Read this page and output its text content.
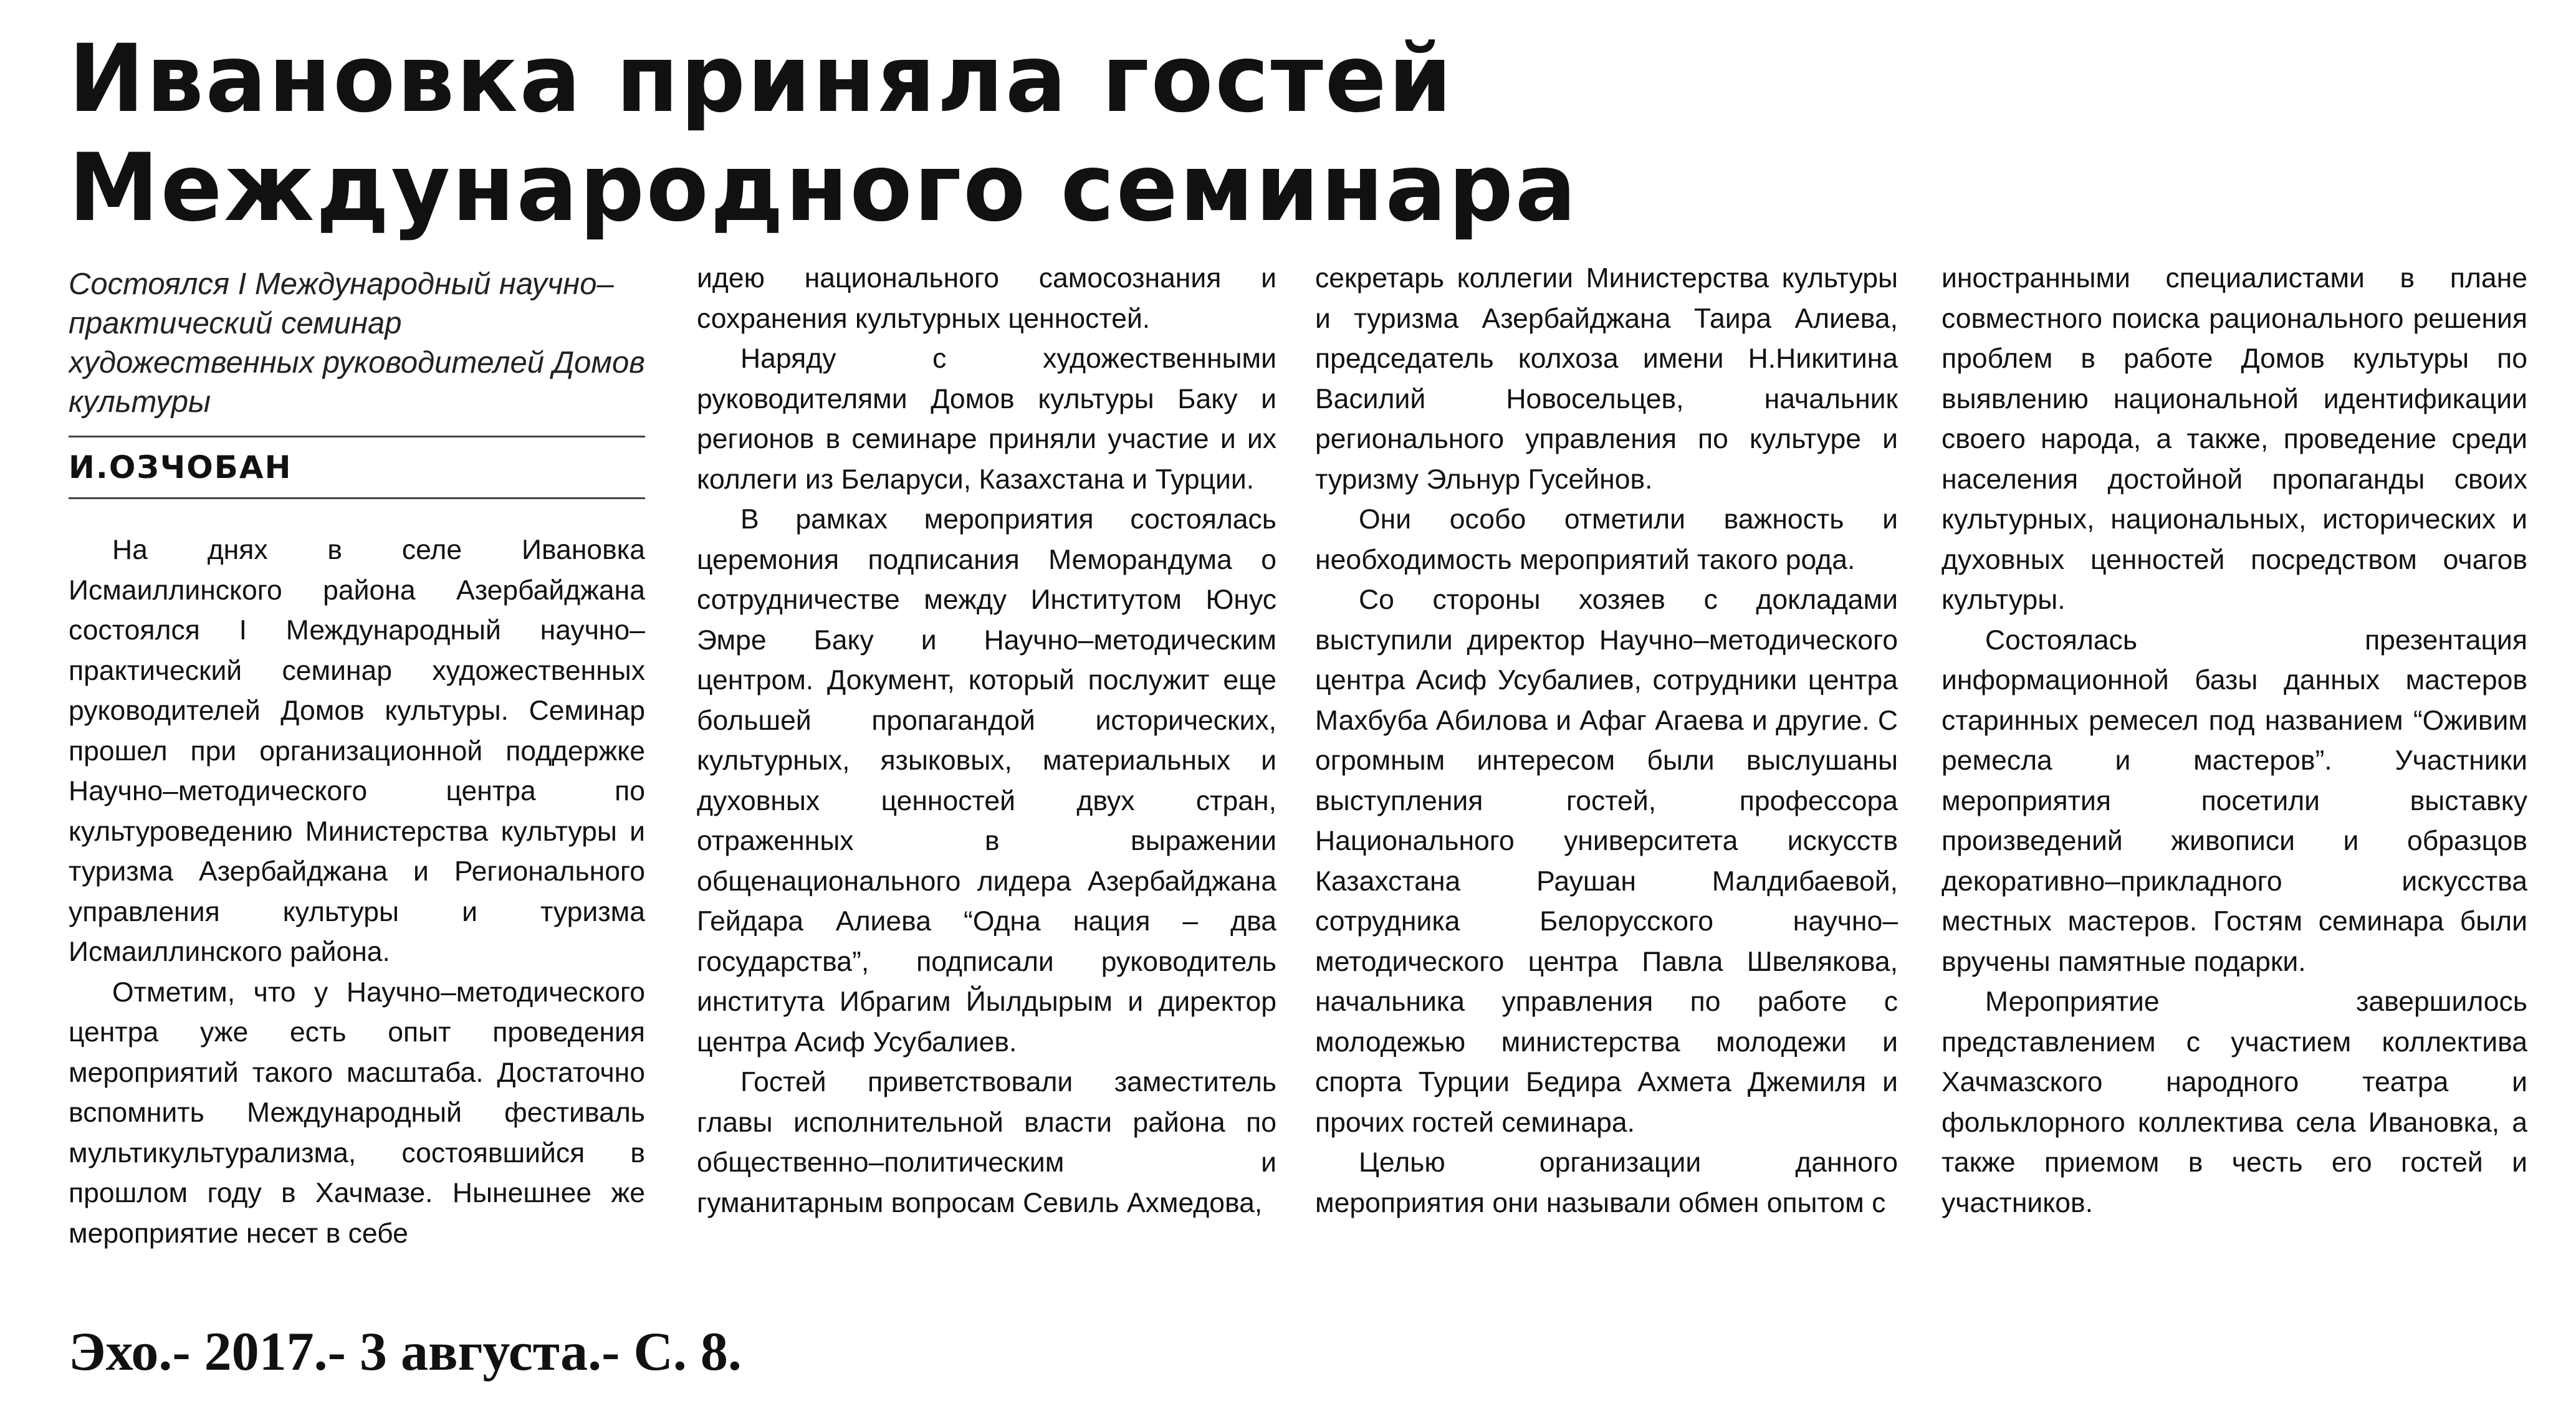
Ивановка приняла гостей
Международного семинара
Состоялся I Международный научно–практический семинар художественных руководителей Домов культуры
И.ОЗЧОБАН

На днях в селе Ивановка Исмаиллинского района Азербайджана состоялся I Международный научно–практический семинар художественных руководителей Домов культуры. Семинар прошел при организационной поддержке Научно–методического центра по культуроведению Министерства культуры и туризма Азербайджана и Регионального управления культуры и туризма Исмаиллинского района.

Отметим, что у Научно–методического центра уже есть опыт проведения мероприятий такого масштаба. Достаточно вспомнить Международный фестиваль мультикультурализма, состоявшийся в прошлом году в Хачмазе. Нынешнее же мероприятие несет в себе

идею национального самосознания и сохранения культурных ценностей.

Наряду с художественными руководителями Домов культуры Баку и регионов в семинаре приняли участие и их коллеги из Беларуси, Казахстана и Турции.

В рамках мероприятия состоялась церемония подписания Меморандума о сотрудничестве между Институтом Юнус Эмре Баку и Научно–методическим центром. Документ, который послужит еще большей пропагандой исторических, культурных, языковых, материальных и духовных ценностей двух стран, отраженных в выражении общенационального лидера Азербайджана Гейдара Алиева “Одна нация – два государства”, подписали руководитель института Ибрагим Йылдырым и директор центра Асиф Усубалиев.

Гостей приветствовали заместитель главы исполнительной власти района по общественно–политическим и гуманитарным вопросам Севиль Ахмедова,

секретарь коллегии Министерства культуры и туризма Азербайджана Таира Алиева, председатель колхоза имени Н.Никитина Василий Новосельцев, начальник регионального управления по культуре и туризму Эльнур Гусейнов.

Они особо отметили важность и необходимость мероприятий такого рода.

Со стороны хозяев с докладами выступили директор Научно–методического центра Асиф Усубалиев, сотрудники центра Махбуба Абилова и Афаг Агаева и другие. С огромным интересом были выслушаны выступления гостей, профессора Национального университета искусств Казахстана Раушан Малдибаевой, сотрудника Белорусского научно–методического центра Павла Швелякова, начальника управления по работе с молодежью министерства молодежи и спорта Турции Бедира Ахмета Джемиля и прочих гостей семинара.

Целью организации данного мероприятия они называли обмен опытом с

иностранными специалистами в плане совместного поиска рационального решения проблем в работе Домов культуры по выявлению национальной идентификации своего народа, а также, проведение среди населения достойной пропаганды своих культурных, национальных, исторических и духовных ценностей посредством очагов культуры.

Состоялась презентация информационной базы данных мастеров старинных ремесел под названием “Оживим ремесла и мастеров”. Участники мероприятия посетили выставку произведений живописи и образцов декоративно–прикладного искусства местных мастеров. Гостям семинара были вручены памятные подарки.

Мероприятие завершилось представлением с участием коллектива Хачмазского народного театра и фольклорного коллектива села Ивановка, а также приемом в честь его гостей и участников.

Эхо.- 2017.- 3 августа.- С. 8.
